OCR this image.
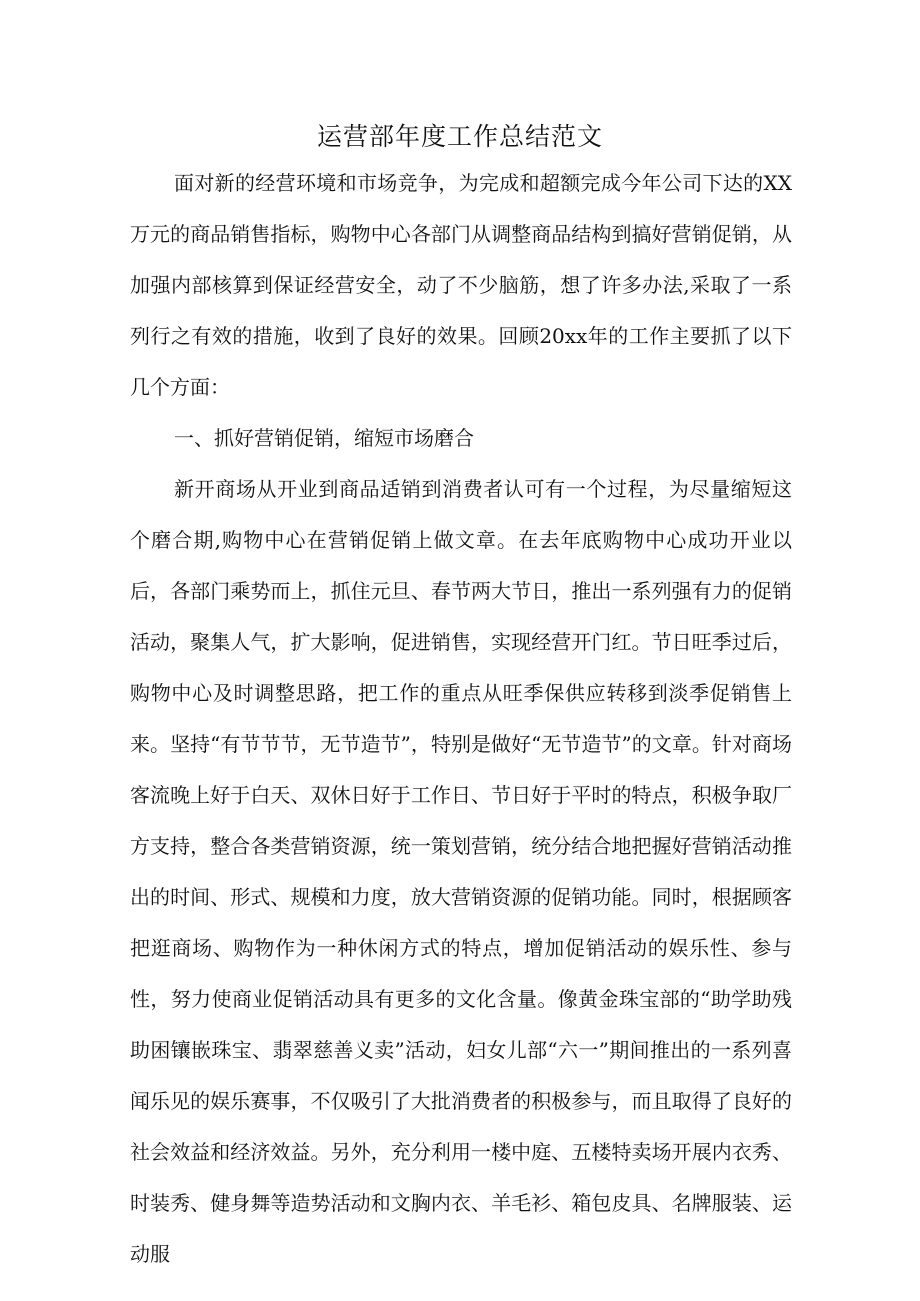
运营部年度工作总结范文

面对新的经营环境和市场竞争，为完成和超额完成今年公司下达的XX万元的商品销售指标，购物中心各部门从调整商品结构到搞好营销促销，从加强内部核算到保证经营安全，动了不少脑筋，想了许多办法,采取了一系列行之有效的措施，收到了良好的效果。回顾20xx年的工作主要抓了以下几个方面：

一、抓好营销促销，缩短市场磨合

新开商场从开业到商品适销到消费者认可有一个过程，为尽量缩短这个磨合期,购物中心在营销促销上做文章。在去年底购物中心成功开业以后，各部门乘势而上，抓住元旦、春节两大节日，推出一系列强有力的促销活动，聚集人气，扩大影响，促进销售，实现经营开门红。节日旺季过后，购物中心及时调整思路，把工作的重点从旺季保供应转移到淡季促销售上来。坚持“有节节节，无节造节”，特别是做好“无节造节”的文章。针对商场客流晚上好于白天、双休日好于工作日、节日好于平时的特点，积极争取厂方支持，整合各类营销资源，统一策划营销，统分结合地把握好营销活动推出的时间、形式、规模和力度，放大营销资源的促销功能。同时，根据顾客把逛商场、购物作为一种休闲方式的特点，增加促销活动的娱乐性、参与性，努力使商业促销活动具有更多的文化含量。像黄金珠宝部的“助学助残助困镶嵌珠宝、翡翠慈善义卖”活动，妇女儿部“六一”期间推出的一系列喜闻乐见的娱乐赛事，不仅吸引了大批消费者的积极参与，而且取得了良好的社会效益和经济效益。另外，充分利用一楼中庭、五楼特卖场开展内衣秀、时装秀、健身舞等造势活动和文胸内衣、羊毛衫、箱包皮具、名牌服装、运动服
